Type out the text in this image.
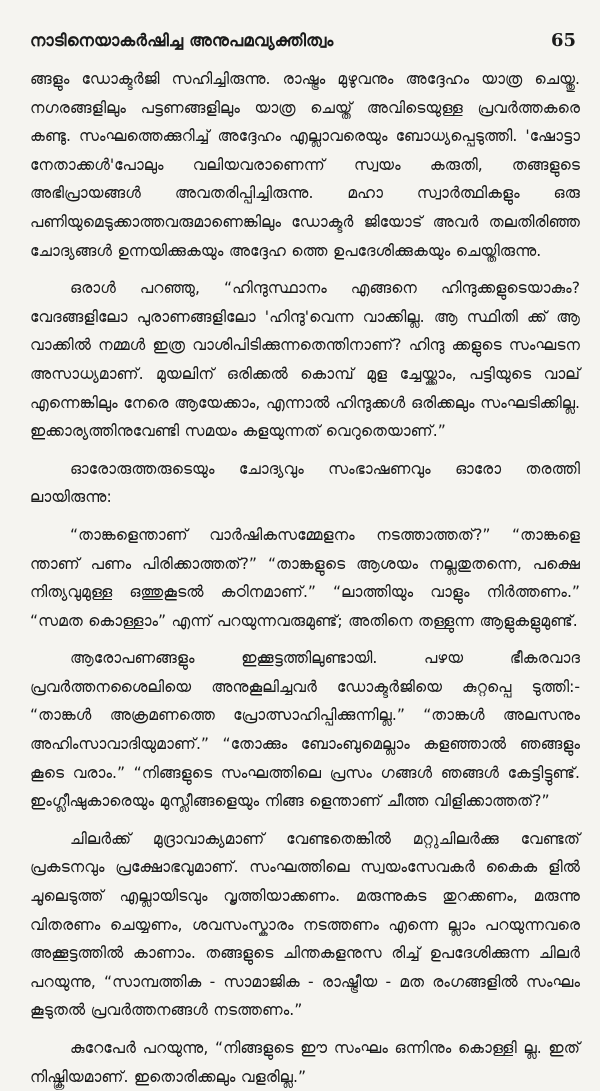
നാടിനെയാകർഷിച്ച അനുപമവ്യക്തിത്വം	65

ങ്ങളും ഡോക്ടർജി സഹിച്ചിരുന്നു. രാഷ്ട്രം മുഴുവനും അദ്ദേഹം യാത്ര ചെയ്തു. നഗരങ്ങളിലും പട്ടണങ്ങളിലും യാത്ര ചെയ്ത് അവിടെയുള്ള പ്രവർത്തകരെ കണ്ടു. സംഘത്തെക്കുറിച്ച് അദ്ദേഹം എല്ലാവരെയും ബോധ്യപ്പെടുത്തി. 'ഷോട്ടാ നേതാക്കൾ'പോലും വലിയവരാണെന്ന് സ്വയം കരുതി, തങ്ങളുടെ അഭിപ്രായങ്ങൾ അവതരിപ്പിച്ചിരുന്നു. മഹാ സ്വാർത്ഥികളും ഒരു പണിയുമെടുക്കാത്തവരുമാണെങ്കിലും ഡോക്ടർ ജിയോട് അവർ തലതിരിഞ്ഞ ചോദ്യങ്ങൾ ഉന്നയിക്കുകയും അദ്ദേഹ ത്തെ ഉപദേശിക്കുകയും ചെയ്തിരുന്നു.

ഒരാൾ പറഞ്ഞു, “ഹിന്ദുസ്ഥാനം എങ്ങനെ ഹിന്ദുക്കളുടെയാകും? വേദങ്ങളിലോ പുരാണങ്ങളിലോ 'ഹിന്ദു'വെന്ന വാക്കില്ല. ആ സ്ഥിതി ക്ക് ആ വാക്കിൽ നമ്മൾ ഇത്ര വാശിപിടിക്കുന്നതെന്തിനാണ്? ഹിന്ദു ക്കളുടെ സംഘടന അസാധ്യമാണ്. മുയലിന് ഒരിക്കൽ കൊമ്പ് മുള ച്ചേയ്ക്കാം, പട്ടിയുടെ വാല് എന്നെങ്കിലും നേരെ ആയേക്കാം, എന്നാൽ ഹിന്ദുക്കൾ ഒരിക്കലും സംഘടിക്കില്ല. ഇക്കാര്യത്തിനുവേണ്ടി സമയം കളയുന്നത് വെറുതെയാണ്.”

ഓരോരുത്തരുടെയും ചോദ്യവും സംഭാഷണവും ഓരോ തരത്തി ലായിരുന്നു:

“താങ്കളെന്താണ് വാർഷികസമ്മേളനം നടത്താത്തത്?” “താങ്കളെ ന്താണ് പണം പിരിക്കാത്തത്?” “താങ്കളുടെ ആശയം നല്ലതുതന്നെ, പക്ഷെ നിത്യവുമുള്ള ഒത്തുകൂടൽ കഠിനമാണ്.” “ലാത്തിയും വാളും നിർത്തണം.” “സമത കൊള്ളാം” എന്ന് പറയുന്നവരുമുണ്ട്; അതിനെ തള്ളുന്ന ആളുകളുമുണ്ട്.

ആരോപണങ്ങളും ഇക്കൂട്ടത്തിലുണ്ടായി. പഴയ ഭീകരവാദ പ്രവർത്തനശൈലിയെ അനുകൂലിച്ചവർ ഡോക്ടർജിയെ കുറ്റപ്പെ ടുത്തി:- “താങ്കൾ അക്രമണത്തെ പ്രോത്സാഹിപ്പിക്കുന്നില്ല.” “താങ്കൾ അലസനും അഹിംസാവാദിയുമാണ്.” “തോക്കും ബോംബുമെല്ലാം കളഞ്ഞാൽ ഞങ്ങളും കൂടെ വരാം.” “നിങ്ങളുടെ സംഘത്തിലെ പ്രസം ഗങ്ങൾ ഞങ്ങൾ കേട്ടിട്ടുണ്ട്. ഇംഗ്ലീഷുകാരെയും മുസ്ലീങ്ങളെയും നിങ്ങ ളെന്താണ് ചീത്ത വിളിക്കാത്തത്?”

ചിലർക്ക് മുദ്രാവാക്യമാണ് വേണ്ടതെങ്കിൽ മറ്റുചിലർക്കു വേണ്ടത് പ്രകടനവും പ്രക്ഷോഭവുമാണ്. സംഘത്തിലെ സ്വയംസേവകർ കൈക ളിൽ ചൂലെടുത്ത് എല്ലായിടവും വൃത്തിയാക്കണം. മരുന്നുകട തുറക്കണം, മരുന്നു വിതരണം ചെയ്യണം, ശവസംസ്കാരം നടത്തണം എന്നെ ല്ലാം പറയുന്നവരെ അക്കൂട്ടത്തിൽ കാണാം. തങ്ങളുടെ ചിന്തകളനുസ രിച്ച് ഉപദേശിക്കുന്ന ചിലർ പറയുന്നു, “സാമ്പത്തിക - സാമാജിക - രാഷ്ട്രീയ - മത രംഗങ്ങളിൽ സംഘം കൂടുതൽ പ്രവർത്തനങ്ങൾ നടത്തണം.”

കുറേപേർ പറയുന്നു, “നിങ്ങളുടെ ഈ സംഘം ഒന്നിനും കൊള്ളി ല്ല. ഇത് നിഷ്ക്രിയമാണ്. ഇതൊരിക്കലും വളരില്ല.”
